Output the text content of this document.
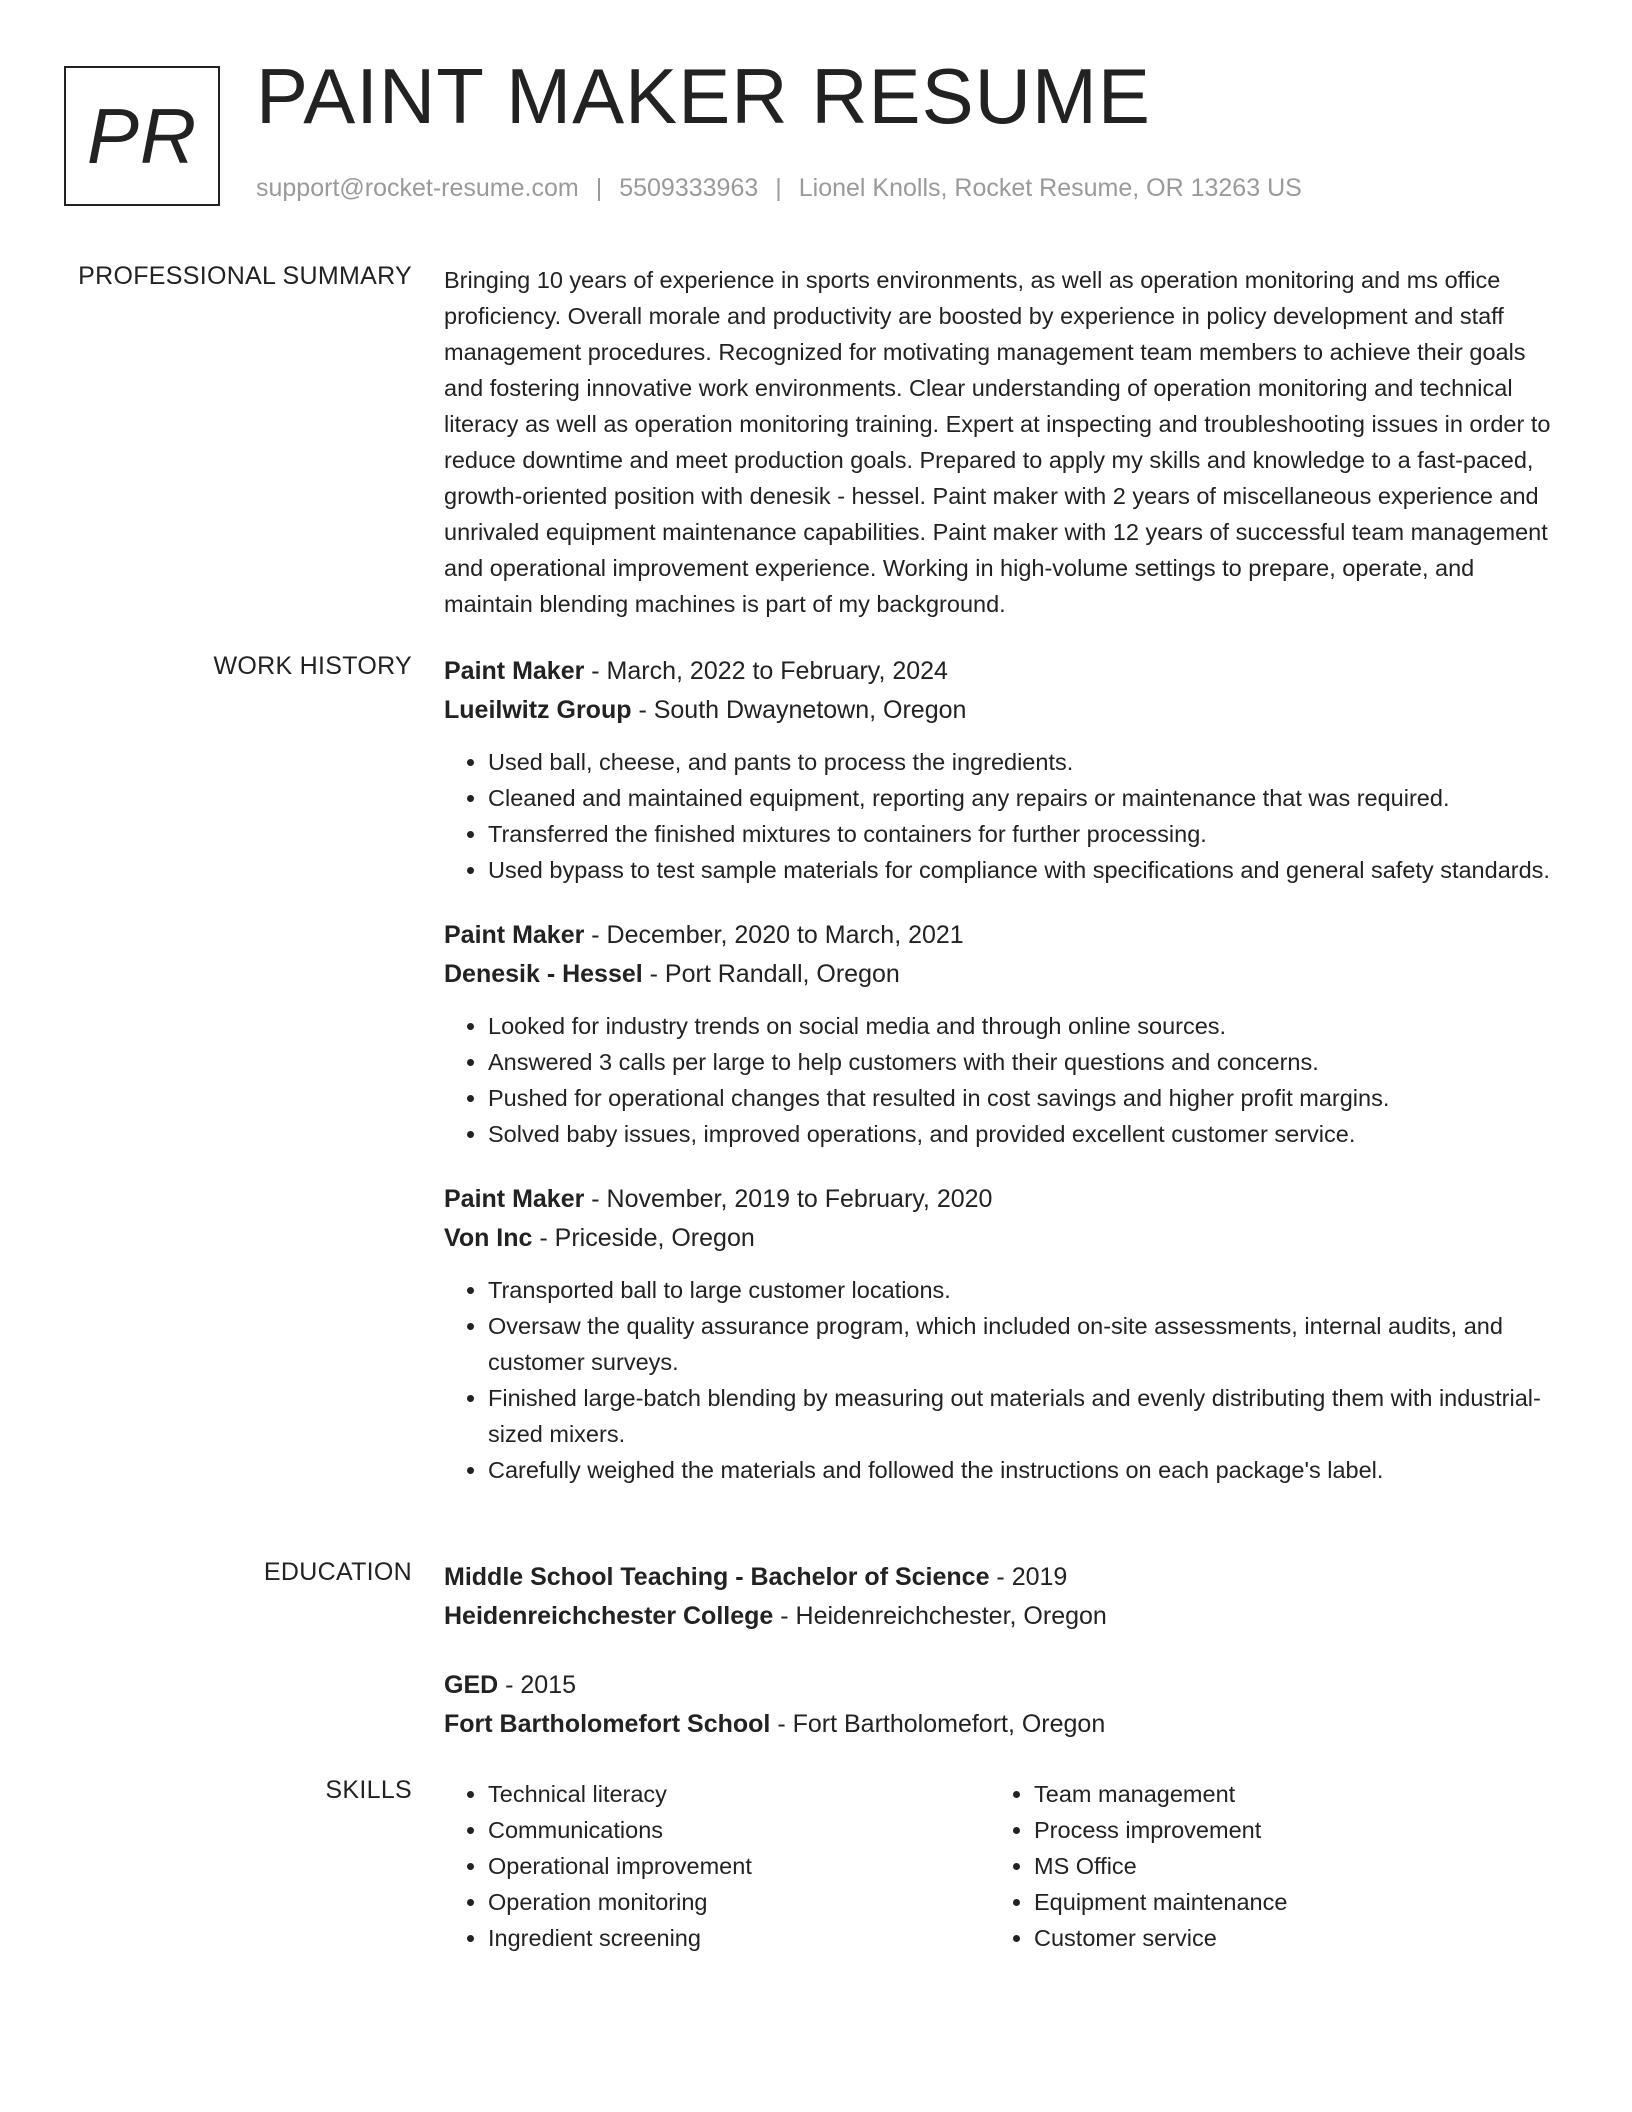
PR PAINT MAKER RESUME
support@rocket-resume.com | 5509333963 | Lionel Knolls, Rocket Resume, OR 13263 US
PROFESSIONAL SUMMARY Bringing 10 years of experience in sports environments, as well as operation monitoring and ms office proficiency. Overall morale and productivity are boosted by experience in policy development and staff management procedures. Recognized for motivating management team members to achieve their goals and fostering innovative work environments. Clear understanding of operation monitoring and technical literacy as well as operation monitoring training. Expert at inspecting and troubleshooting issues in order to reduce downtime and meet production goals. Prepared to apply my skills and knowledge to a fast-paced, growth-oriented position with denesik - hessel. Paint maker with 2 years of miscellaneous experience and unrivaled equipment maintenance capabilities. Paint maker with 12 years of successful team management and operational improvement experience. Working in high-volume settings to prepare, operate, and maintain blending machines is part of my background.

WORK HISTORY Paint Maker - March, 2022 to February, 2024
Lueilwitz Group - South Dwaynetown, Oregon
• Used ball, cheese, and pants to process the ingredients.
• Cleaned and maintained equipment, reporting any repairs or maintenance that was required.
• Transferred the finished mixtures to containers for further processing.
• Used bypass to test sample materials for compliance with specifications and general safety standards.
Paint Maker - December, 2020 to March, 2021
Denesik - Hessel - Port Randall, Oregon
• Looked for industry trends on social media and through online sources.
• Answered 3 calls per large to help customers with their questions and concerns.
• Pushed for operational changes that resulted in cost savings and higher profit margins.
• Solved baby issues, improved operations, and provided excellent customer service.
Paint Maker - November, 2019 to February, 2020
Von Inc - Priceside, Oregon
• Transported ball to large customer locations.
• Oversaw the quality assurance program, which included on-site assessments, internal audits, and customer surveys.
• Finished large-batch blending by measuring out materials and evenly distributing them with industrial-sized mixers.
• Carefully weighed the materials and followed the instructions on each package's label.
EDUCATION Middle School Teaching - Bachelor of Science - 2019
Heidenreichchester College - Heidenreichchester, Oregon
GED - 2015
Fort Bartholomefort School - Fort Bartholomefort, Oregon
SKILLS
•	Technical literacy
• Communications
• Operational improvement
• Operation monitoring
• Ingredient screening
• Team management
• Process improvement
• MS Office
• Equipment maintenance
• Customer service
